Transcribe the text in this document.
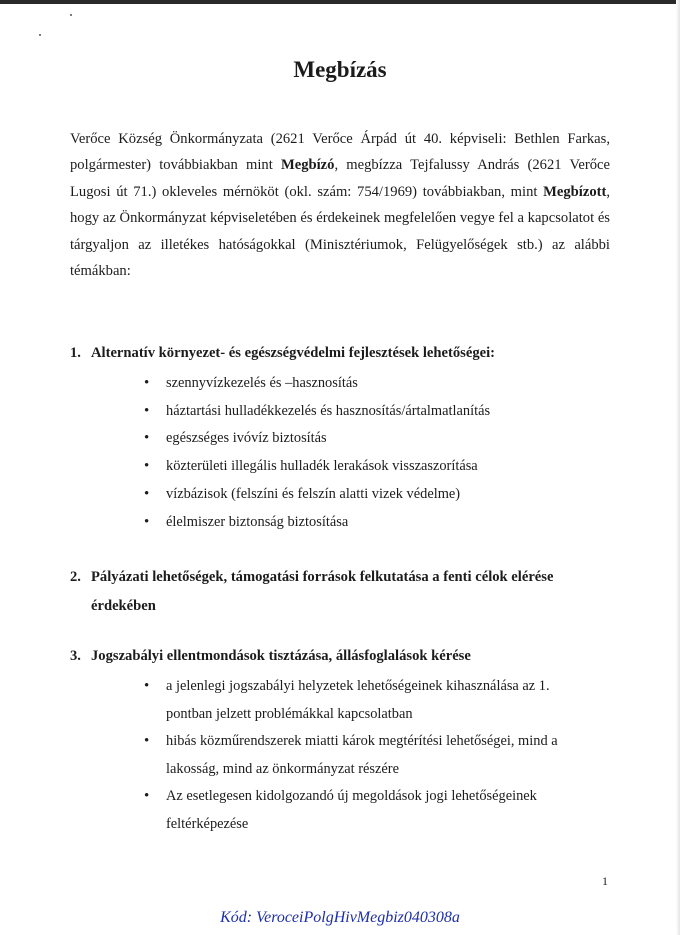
Megbízás

Verőce Község Önkormányzata (2621 Verőce Árpád út 40. képviseli: Bethlen Farkas, polgármester) továbbiakban mint Megbízó, megbízza Tejfalussy András (2621 Verőce Lugosi út 71.) okleveles mérnököt (okl. szám: 754/1969) továbbiakban, mint Megbízott, hogy az Önkormányzat képviseletében és érdekeinek megfelelően vegye fel a kapcsolatot és tárgyaljon az illetékes hatóságokkal (Minisztériumok, Felügyelőségek stb.) az alábbi témákban:

1. Alternatív környezet- és egészségvédelmi fejlesztések lehetőségei:
• szennyvízkezelés és –hasznosítás
• háztartási hulladékkezelés és hasznosítás/ártalmatlanítás
• egészséges ivóvíz biztosítás
• közterületi illegális hulladék lerakások visszaszorítása
• vízbázisok (felszíni és felszín alatti vizek védelme)
• élelmiszer biztonság biztosítása
2. Pályázati lehetőségek, támogatási források felkutatása a fenti célok elérése érdekében
3. Jogszabályi ellentmondások tisztázása, állásfoglalások kérése
• a jelenlegi jogszabályi helyzetek lehetőségeinek kihasználása az 1. pontban jelzett problémákkal kapcsolatban
• hibás közműrendszerek miatti károk megtérítési lehetőségei, mind a lakosság, mind az önkormányzat részére
• Az esetlegesen kidolgozandó új megoldások jogi lehetőségeinek feltérképezése
1
Kód: VeroceiPolgHivMegbiz040308a
